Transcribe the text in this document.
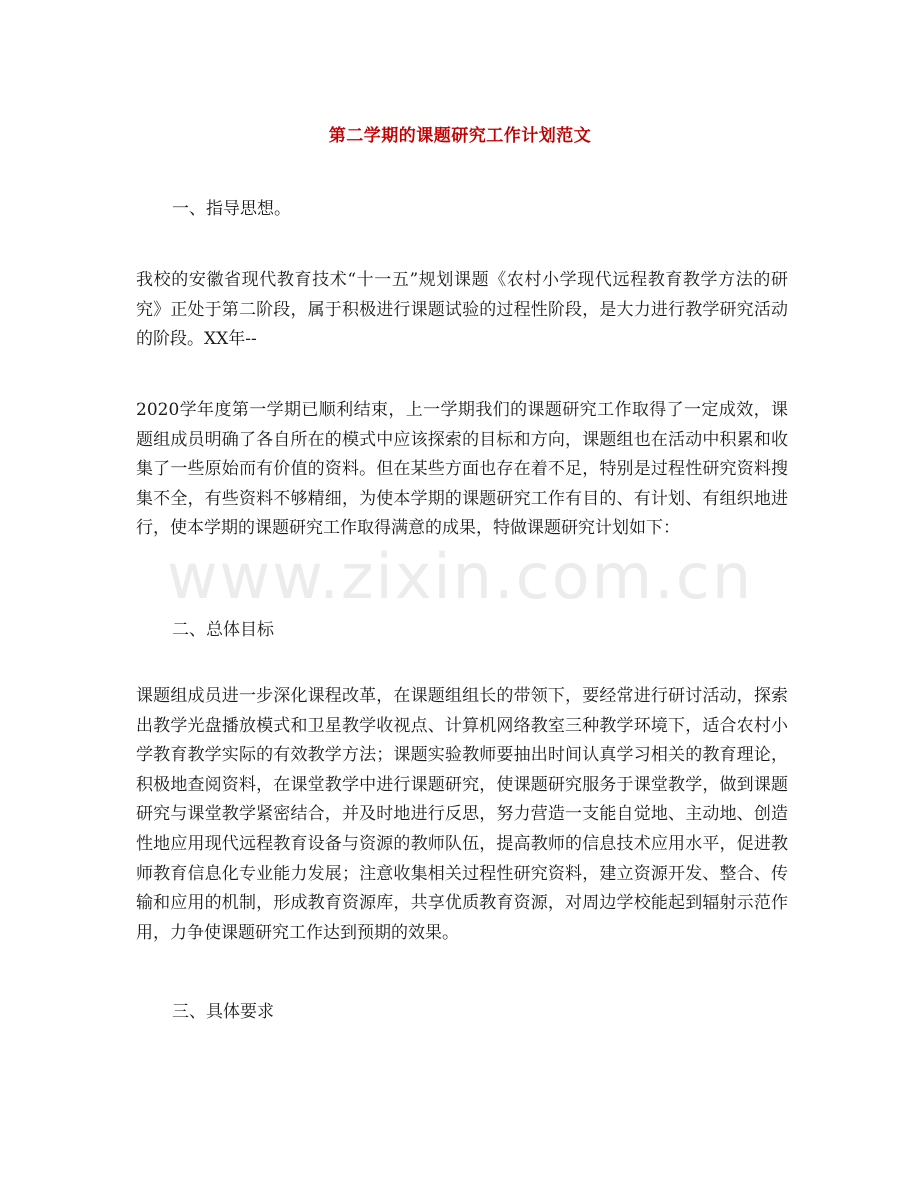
第二学期的课题研究工作计划范文
一、指导思想。
我校的安徽省现代教育技术“十一五”规划课题《农村小学现代远程教育教学方法的研究》正处于第二阶段，属于积极进行课题试验的过程性阶段，是大力进行教学研究活动的阶段。XX年--
2020学年度第一学期已顺利结束，上一学期我们的课题研究工作取得了一定成效，课题组成员明确了各自所在的模式中应该探索的目标和方向，课题组也在活动中积累和收集了一些原始而有价值的资料。但在某些方面也存在着不足，特别是过程性研究资料搜集不全，有些资料不够精细，为使本学期的课题研究工作有目的、有计划、有组织地进行，使本学期的课题研究工作取得满意的成果，特做课题研究计划如下：
二、总体目标
课题组成员进一步深化课程改革，在课题组组长的带领下，要经常进行研讨活动，探索出教学光盘播放模式和卫星教学收视点、计算机网络教室三种教学环境下，适合农村小学教育教学实际的有效教学方法；课题实验教师要抽出时间认真学习相关的教育理论，积极地查阅资料，在课堂教学中进行课题研究，使课题研究服务于课堂教学，做到课题研究与课堂教学紧密结合，并及时地进行反思，努力营造一支能自觉地、主动地、创造性地应用现代远程教育设备与资源的教师队伍，提高教师的信息技术应用水平，促进教师教育信息化专业能力发展；注意收集相关过程性研究资料，建立资源开发、整合、传输和应用的机制，形成教育资源库，共享优质教育资源，对周边学校能起到辐射示范作用，力争使课题研究工作达到预期的效果。
三、具体要求
www.zixin.com.cn
